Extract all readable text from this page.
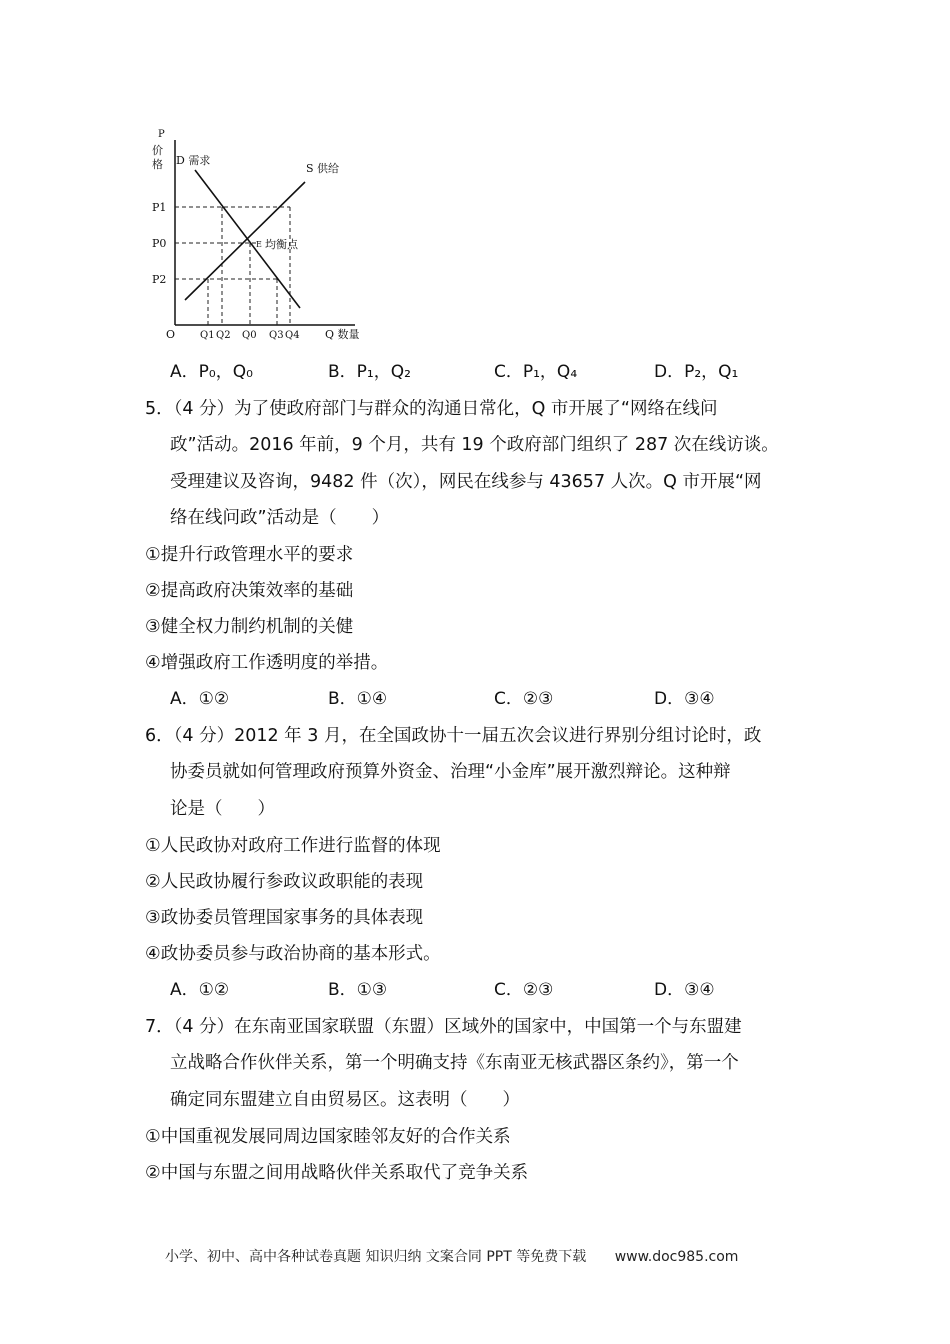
P
价
格 D 需求
S 供给
E 均衡点
P1
P0
P2
O Q1 Q2 Q0 Q3 Q4 Q 数量
A．P₀，Q₀	B．P₁，Q₂	C．P₁，Q₄	D．P₂，Q₁
5．（4 分）为了使政府部门与群众的沟通日常化，Q 市开展了“网络在线问
政”活动。2016 年前，9 个月，共有 19 个政府部门组织了 287 次在线访谈。
受理建议及咨询，9482 件（次），网民在线参与 43657 人次。Q 市开展“网
络在线问政”活动是（　　）
①提升行政管理水平的要求
②提高政府决策效率的基础
③健全权力制约机制的关健
④增强政府工作透明度的举措。
A．①②	B．①④	C．②③	D．③④
6．（4 分）2012 年 3 月，在全国政协十一届五次会议进行界别分组讨论时，政
协委员就如何管理政府预算外资金、治理“小金库”展开激烈辩论。这种辩
论是（　　）
①人民政协对政府工作进行监督的体现
②人民政协履行参政议政职能的表现
③政协委员管理国家事务的具体表现
④政协委员参与政治协商的基本形式。
A．①②	B．①③	C．②③	D．③④
7．（4 分）在东南亚国家联盟（东盟）区域外的国家中，中国第一个与东盟建
立战略合作伙伴关系，第一个明确支持《东南亚无核武器区条约》，第一个
确定同东盟建立自由贸易区。这表明（　　）
①中国重视发展同周边国家睦邻友好的合作关系
②中国与东盟之间用战略伙伴关系取代了竞争关系
小学、初中、高中各种试卷真题 知识归纳 文案合同 PPT 等免费下载 www.doc985.com
